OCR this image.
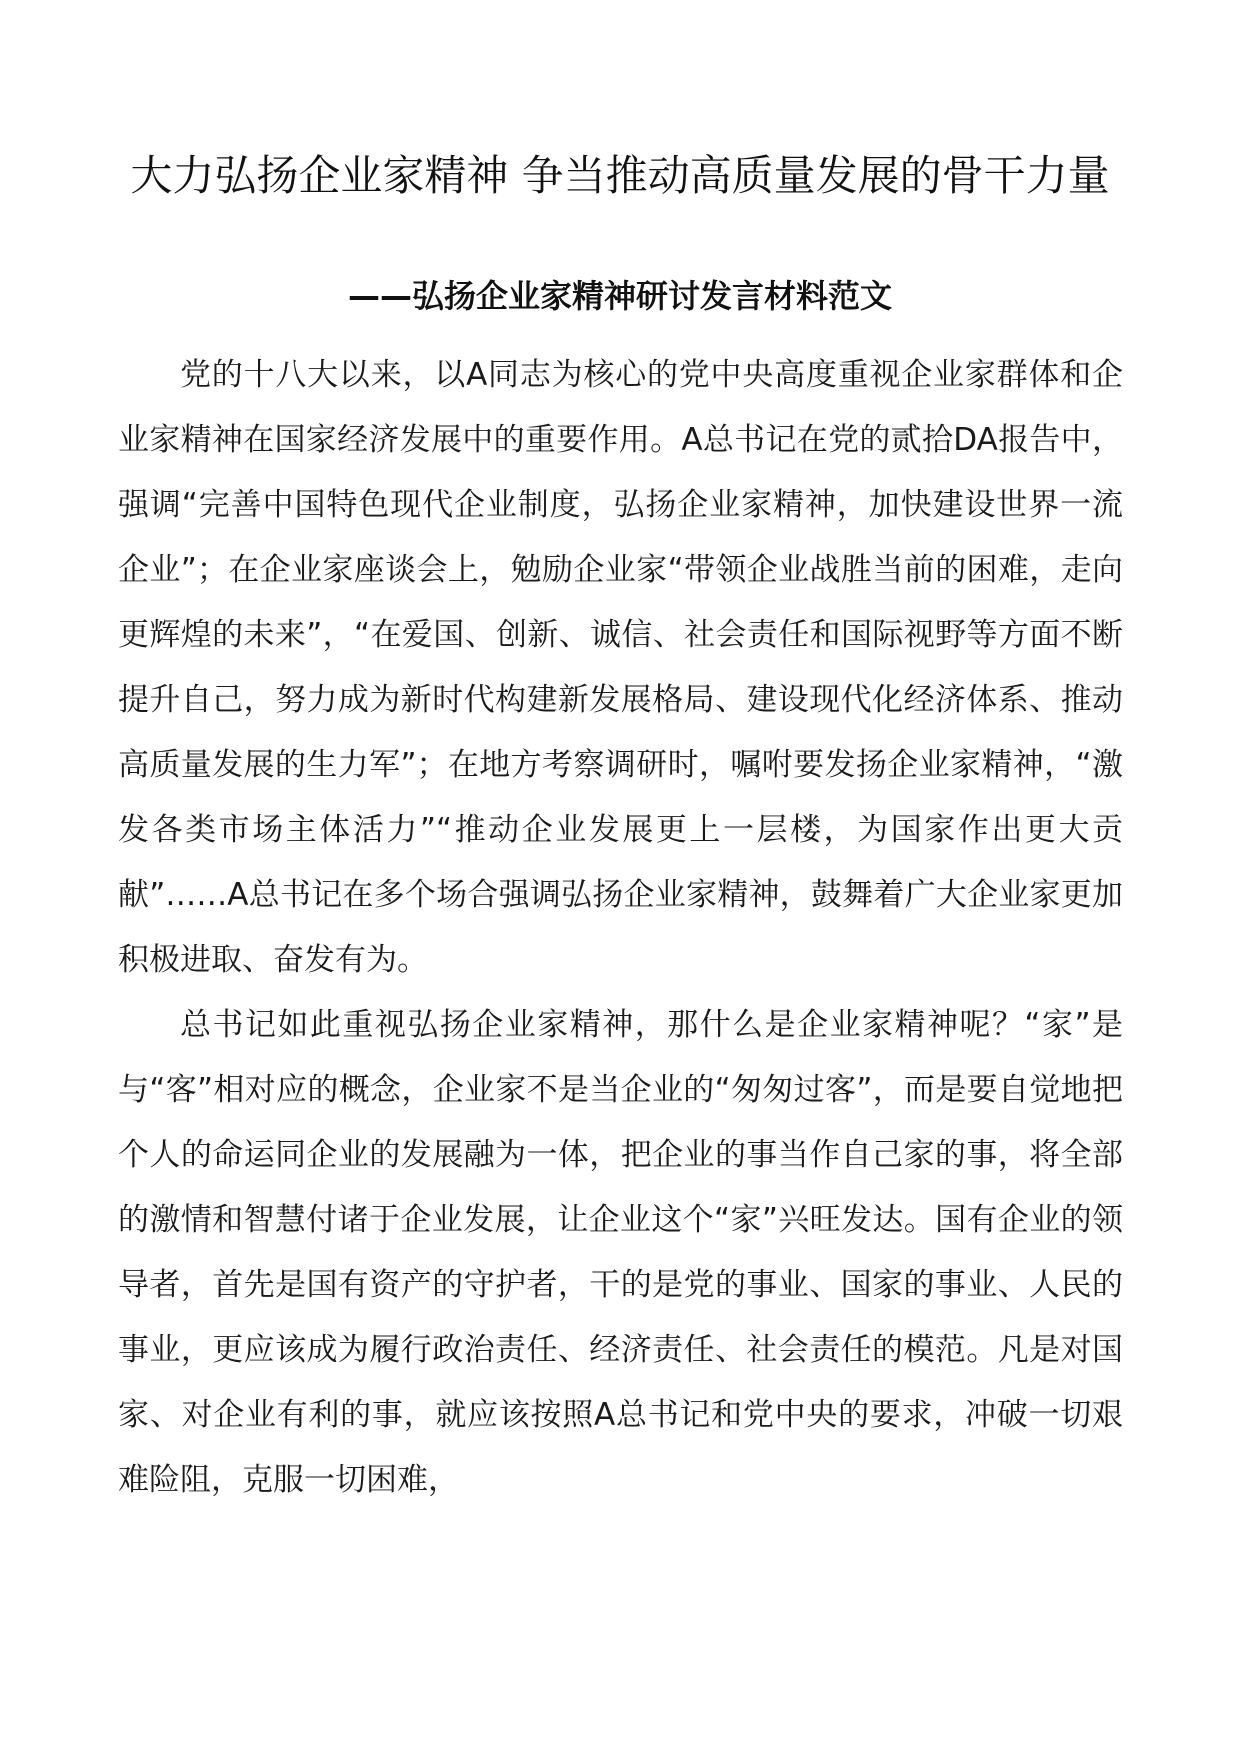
大力弘扬企业家精神 争当推动高质量发展的骨干力量
——弘扬企业家精神研讨发言材料范文

党的十八大以来，以A同志为核心的党中央高度重视企业家群体和企业家精神在国家经济发展中的重要作用。A总书记在党的贰拾DA报告中，强调“完善中国特色现代企业制度，弘扬企业家精神，加快建设世界一流企业”；在企业家座谈会上，勉励企业家“带领企业战胜当前的困难，走向更辉煌的未来”，“在爱国、创新、诚信、社会责任和国际视野等方面不断提升自己，努力成为新时代构建新发展格局、建设现代化经济体系、推动高质量发展的生力军”；在地方考察调研时，嘱咐要发扬企业家精神，“激发各类市场主体活力”“推动企业发展更上一层楼，为国家作出更大贡献”……A总书记在多个场合强调弘扬企业家精神，鼓舞着广大企业家更加积极进取、奋发有为。

总书记如此重视弘扬企业家精神，那什么是企业家精神呢？“家”是与“客”相对应的概念，企业家不是当企业的“匆匆过客”，而是要自觉地把个人的命运同企业的发展融为一体，把企业的事当作自己家的事，将全部的激情和智慧付诸于企业发展，让企业这个“家”兴旺发达。国有企业的领导者，首先是国有资产的守护者，干的是党的事业、国家的事业、人民的事业，更应该成为履行政治责任、经济责任、社会责任的模范。凡是对国家、对企业有利的事，就应该按照A总书记和党中央的要求，冲破一切艰难险阻，克服一切困难，
